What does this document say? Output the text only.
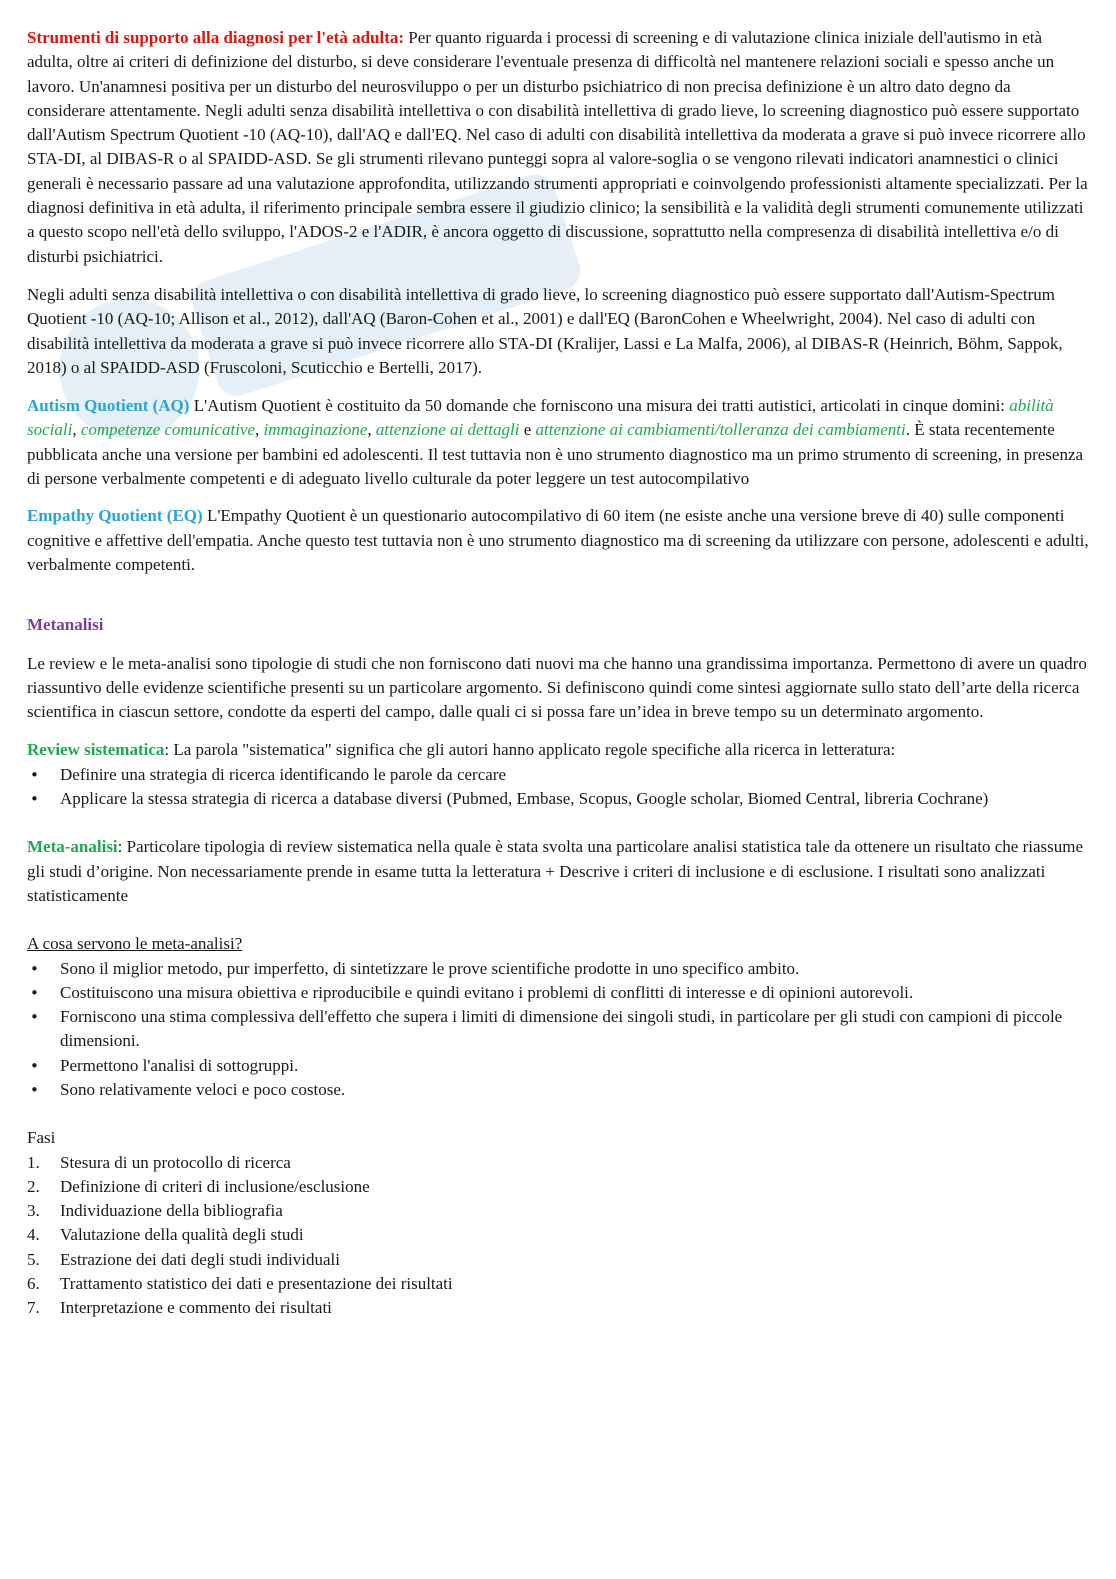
Strumenti di supporto alla diagnosi per l'età adulta: Per quanto riguarda i processi di screening e di valutazione clinica iniziale dell'autismo in età adulta, oltre ai criteri di definizione del disturbo, si deve considerare l'eventuale presenza di difficoltà nel mantenere relazioni sociali e spesso anche un lavoro. Un'anamnesi positiva per un disturbo del neurosviluppo o per un disturbo psichiatrico di non precisa definizione è un altro dato degno da considerare attentamente. Negli adulti senza disabilità intellettiva o con disabilità intellettiva di grado lieve, lo screening diagnostico può essere supportato dall'Autism Spectrum Quotient -10 (AQ-10), dall'AQ e dall'EQ. Nel caso di adulti con disabilità intellettiva da moderata a grave si può invece ricorrere allo STA-DI, al DIBAS-R o al SPAIDD-ASD. Se gli strumenti rilevano punteggi sopra al valore-soglia o se vengono rilevati indicatori anamnestici o clinici generali è necessario passare ad una valutazione approfondita, utilizzando strumenti appropriati e coinvolgendo professionisti altamente specializzati. Per la diagnosi definitiva in età adulta, il riferimento principale sembra essere il giudizio clinico; la sensibilità e la validità degli strumenti comunemente utilizzati a questo scopo nell'età dello sviluppo, l'ADOS-2 e l'ADIR, è ancora oggetto di discussione, soprattutto nella compresenza di disabilità intellettiva e/o di disturbi psichiatrici.

Negli adulti senza disabilità intellettiva o con disabilità intellettiva di grado lieve, lo screening diagnostico può essere supportato dall'Autism-Spectrum Quotient -10 (AQ-10; Allison et al., 2012), dall'AQ (Baron-Cohen et al., 2001) e dall'EQ (BaronCohen e Wheelwright, 2004). Nel caso di adulti con disabilità intellettiva da moderata a grave si può invece ricorrere allo STA-DI (Kralijer, Lassi e La Malfa, 2006), al DIBAS-R (Heinrich, Böhm, Sappok, 2018) o al SPAIDD-ASD (Fruscoloni, Scuticchio e Bertelli, 2017).

Autism Quotient (AQ) L'Autism Quotient è costituito da 50 domande che forniscono una misura dei tratti autistici, articolati in cinque domini: abilità sociali, competenze comunicative, immaginazione, attenzione ai dettagli e attenzione ai cambiamenti/tolleranza dei cambiamenti. È stata recentemente pubblicata anche una versione per bambini ed adolescenti. Il test tuttavia non è uno strumento diagnostico ma un primo strumento di screening, in presenza di persone verbalmente competenti e di adeguato livello culturale da poter leggere un test autocompilativo

Empathy Quotient (EQ) L'Empathy Quotient è un questionario autocompilativo di 60 item (ne esiste anche una versione breve di 40) sulle componenti cognitive e affettive dell'empatia. Anche questo test tuttavia non è uno strumento diagnostico ma di screening da utilizzare con persone, adolescenti e adulti, verbalmente competenti.

Metanalisi

Le review e le meta-analisi sono tipologie di studi che non forniscono dati nuovi ma che hanno una grandissima importanza. Permettono di avere un quadro riassuntivo delle evidenze scientifiche presenti su un particolare argomento. Si definiscono quindi come sintesi aggiornate sullo stato dell’arte della ricerca scientifica in ciascun settore, condotte da esperti del campo, dalle quali ci si possa fare un’idea in breve tempo su un determinato argomento.

Review sistematica: La parola "sistematica" significa che gli autori hanno applicato regole specifiche alla ricerca in letteratura:

• Definire una strategia di ricerca identificando le parole da cercare
• Applicare la stessa strategia di ricerca a database diversi (Pubmed, Embase, Scopus, Google scholar, Biomed Central, libreria Cochrane)

Meta-analisi: Particolare tipologia di review sistematica nella quale è stata svolta una particolare analisi statistica tale da ottenere un risultato che riassume gli studi d’origine. Non necessariamente prende in esame tutta la letteratura + Descrive i criteri di inclusione e di esclusione. I risultati sono analizzati statisticamente

A cosa servono le meta-analisi?

• Sono il miglior metodo, pur imperfetto, di sintetizzare le prove scientifiche prodotte in uno specifico ambito.
• Costituiscono una misura obiettiva e riproducibile e quindi evitano i problemi di conflitti di interesse e di opinioni autorevoli.
• Forniscono una stima complessiva dell'effetto che supera i limiti di dimensione dei singoli studi, in particolare per gli studi con campioni di piccole dimensioni.
• Permettono l'analisi di sottogruppi.
• Sono relativamente veloci e poco costose.

Fasi

1. Stesura di un protocollo di ricerca
2. Definizione di criteri di inclusione/esclusione
3. Individuazione della bibliografia
4. Valutazione della qualità degli studi
5. Estrazione dei dati degli studi individuali
6. Trattamento statistico dei dati e presentazione dei risultati
7. Interpretazione e commento dei risultati
